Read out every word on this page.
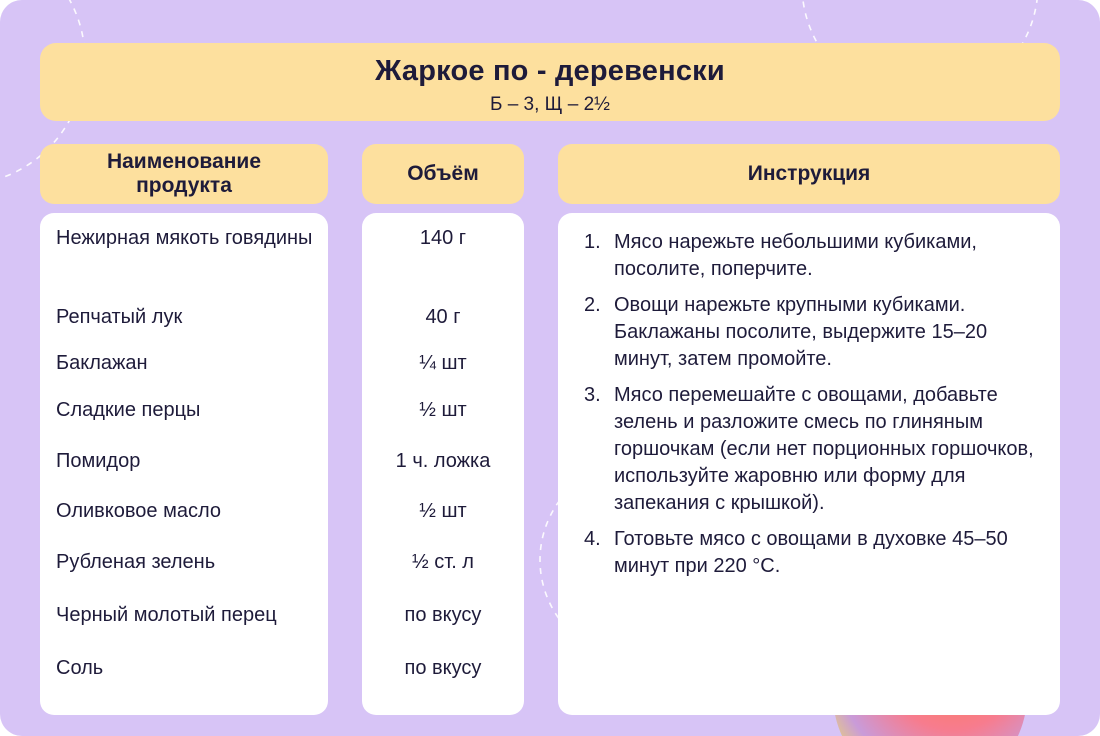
Жаркое по - деревенски
Б – 3, Щ – 2½
Наименование продукта
Объём	Инструкция
Нежирная мякоть говядины
Репчатый лук
Баклажан
Сладкие перцы
Помидор
Оливковое масло
Рубленая зелень
Черный молотый перец
Соль
140 г
40 г
¼ шт
½ шт
1 ч. ложка
½ шт
½ ст. л
по вкусу
по вкусу
1. Мясо нарежьте небольшими кубиками, посолите, поперчите.
2. Овощи нарежьте крупными кубиками. Баклажаны посолите, выдержите 15–20 минут, затем промойте.
3. Мясо перемешайте с овощами, добавьте зелень и разложите смесь по глиняным горшочкам (если нет порционных горшочков, используйте жаровню или форму для запекания с крышкой).
4. Готовьте мясо с овощами в духовке 45–50 минут при 220 °C.
